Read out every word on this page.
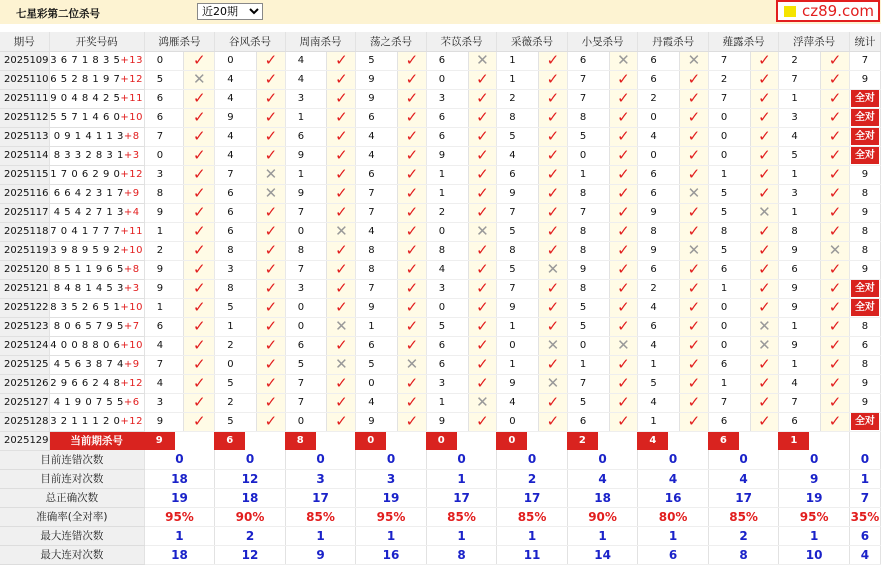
七星彩第二位杀号
近20期	cz89.com
期号	开奖号码	鸿雁杀号		谷风杀号		周南杀号		荡之杀号		芣苡杀号		采薇杀号		小旻杀号		丹霞杀号		薤露杀号		浮萍杀号		统计
2025109	3 6 7 1 8 3 5+13	0	✓	0	✓	4	✓	5	✓	6	✕	1	✓	6	✕	6	✕	7	✓	2	✓	7
2025110	6 5 2 8 1 9 7+12	5	✕	4	✓	4	✓	9	✓	0	✓	1	✓	7	✓	6	✓	2	✓	7	✓	9
2025111	9 0 4 8 4 2 5+11	6	✓	4	✓	3	✓	9	✓	3	✓	2	✓	7	✓	2	✓	7	✓	1	✓	全对
2025112	5 5 7 1 4 6 0+10	6	✓	9	✓	1	✓	6	✓	6	✓	8	✓	8	✓	0	✓	0	✓	3	✓	全对
2025113	0 9 1 4 1 1 3+8	7	✓	4	✓	6	✓	4	✓	6	✓	5	✓	5	✓	4	✓	0	✓	4	✓	全对
2025114	8 3 3 2 8 3 1+3	0	✓	4	✓	9	✓	4	✓	9	✓	4	✓	0	✓	0	✓	0	✓	5	✓	全对
2025115	1 7 0 6 2 9 0+12	3	✓	7	✕	1	✓	6	✓	1	✓	6	✓	1	✓	6	✓	1	✓	1	✓	9
2025116	6 6 4 2 3 1 7+9	8	✓	6	✕	9	✓	7	✓	1	✓	9	✓	8	✓	6	✕	5	✓	3	✓	8
2025117	4 5 4 2 7 1 3+4	9	✓	6	✓	7	✓	7	✓	2	✓	7	✓	7	✓	9	✓	5	✕	1	✓	9
2025118	7 0 4 1 7 7 7+11	1	✓	6	✓	0	✕	4	✓	0	✕	5	✓	8	✓	8	✓	8	✓	8	✓	8
2025119	3 9 8 9 5 9 2+10	2	✓	8	✓	8	✓	8	✓	8	✓	8	✓	8	✓	9	✕	5	✓	9	✕	8
2025120	8 5 1 1 9 6 5+8	9	✓	3	✓	7	✓	8	✓	4	✓	5	✕	9	✓	6	✓	6	✓	6	✓	9
2025121	8 4 8 1 4 5 3+3	9	✓	8	✓	3	✓	7	✓	3	✓	7	✓	8	✓	2	✓	1	✓	9	✓	全对
2025122	8 3 5 2 6 5 1+10	1	✓	5	✓	0	✓	9	✓	0	✓	9	✓	5	✓	4	✓	0	✓	9	✓	全对
2025123	8 0 6 5 7 9 5+7	6	✓	1	✓	0	✕	1	✓	5	✓	1	✓	5	✓	6	✓	0	✕	1	✓	8
2025124	4 0 0 8 8 0 6+10	4	✓	2	✓	6	✓	6	✓	6	✓	0	✕	0	✕	4	✓	0	✕	9	✓	6
2025125	4 5 6 3 8 7 4+9	7	✓	0	✓	5	✕	5	✕	6	✓	1	✓	1	✓	1	✓	6	✓	1	✓	8
2025126	2 9 6 6 2 4 8+12	4	✓	5	✓	7	✓	0	✓	3	✓	9	✕	7	✓	5	✓	1	✓	4	✓	9
2025127	4 1 9 0 7 5 5+6	3	✓	2	✓	7	✓	4	✓	1	✕	4	✓	5	✓	4	✓	7	✓	7	✓	9
2025128	3 2 1 1 1 2 0+12	9	✓	5	✓	0	✓	9	✓	9	✓	0	✓	6	✓	1	✓	6	✓	6	✓	全对
2025129	当前期杀号	9		6		8		0		0		0		2		4		6		1		
目前连错次数		0		0		0		0		0		0		0		0		0		0		0
目前连对次数		18		12		3		3		1		2		4		4		4		9		1
总正确次数		19		18		17		19		17		17		18		16		17		19		7
准确率(全对率)		95%		90%		85%		95%		85%		85%		90%		80%		85%		95%		35%
最大连错次数		1		2		1		1		1		1		1		1		2		1		6
最大连对次数		18		12		9		16		8		11		14		6		8		10		4
